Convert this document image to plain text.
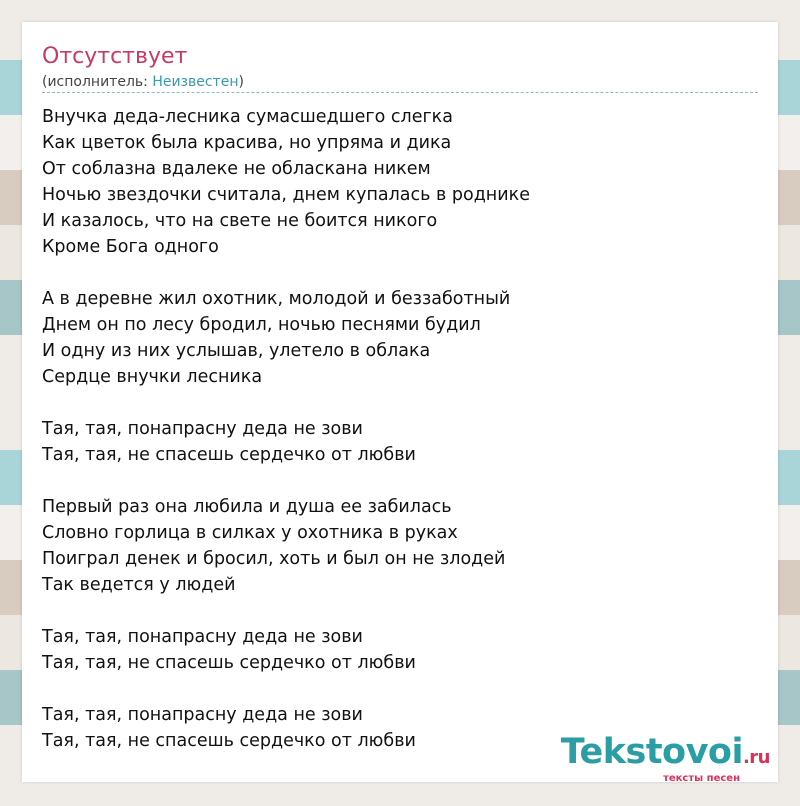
Отсутствует
(исполнитель: Неизвестен)
Внучка деда-лесника сумасшедшего слегка
Как цветок была красива, но упряма и дика
От соблазна вдалеке не обласкана никем
Ночью звездочки считала, днем купалась в роднике
И казалось, что на свете не боится никого
Кроме Бога одного
А в деревне жил охотник, молодой и беззаботный
Днем он по лесу бродил, ночью песнями будил
И одну из них услышав, улетело в облака
Сердце внучки лесника
Тая, тая, понапрасну деда не зови
Тая, тая, не спасешь сердечко от любви
Первый раз она любила и душа ее забилась
Словно горлица в силках у охотника в руках
Поиграл денек и бросил, хоть и был он не злодей
Так ведется у людей
Тая, тая, понапрасну деда не зови
Тая, тая, не спасешь сердечко от любви
Тая, тая, понапрасну деда не зови
Тая, тая, не спасешь сердечко от любви	Tekstovoi.ru
тексты песен
